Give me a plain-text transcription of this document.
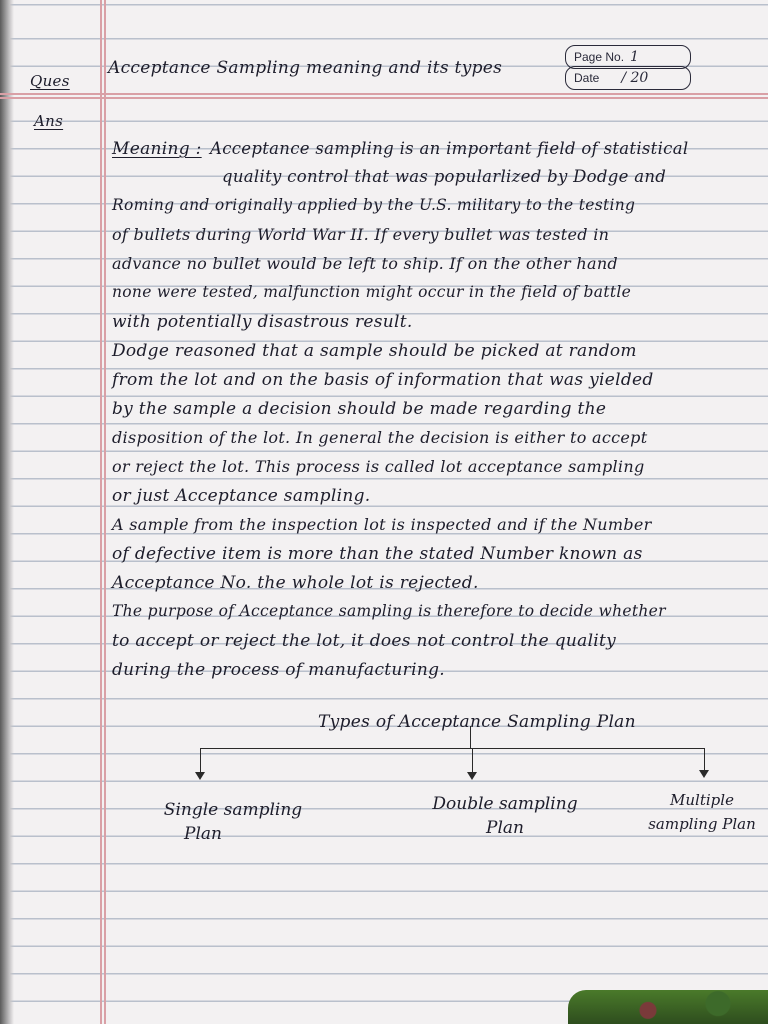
Ques
Ans
Acceptance Sampling meaning and its types
Page No. 1
Date / 20
Meaning : Acceptance sampling is an important field of statistical
quality control that was popularlized by Dodge and
Roming and originally applied by the U.S. military to the testing
of bullets during World War II. If every bullet was tested in
advance no bullet would be left to ship. If on the other hand
none were tested, malfunction might occur in the field of battle
with potentially disastrous result.
Dodge reasoned that a sample should be picked at random
from the lot and on the basis of information that was yielded
by the sample a decision should be made regarding the
disposition of the lot. In general the decision is either to accept
or reject the lot. This process is called lot acceptance sampling
or just Acceptance sampling.
A sample from the inspection lot is inspected and if the Number
of defective item is more than the stated Number known as
Acceptance No. the whole lot is rejected.
The purpose of Acceptance sampling is therefore to decide whether
to accept or reject the lot, it does not control the quality
during the process of manufacturing.
Types of Acceptance Sampling Plan
Single sampling
Plan
Double sampling
Plan
Multiple
sampling Plan
